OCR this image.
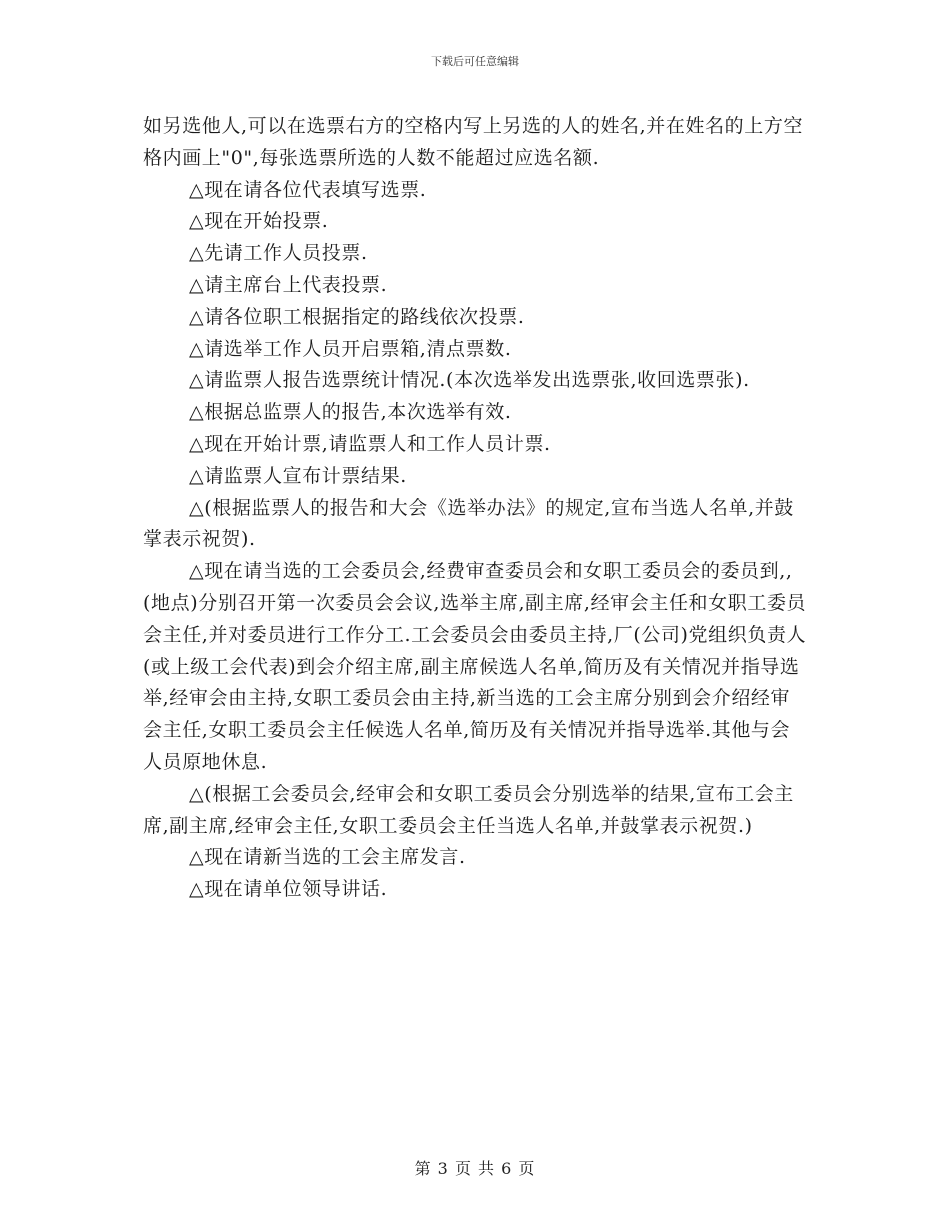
下载后可任意编辑

如另选他人,可以在选票右方的空格内写上另选的人的姓名,并在姓名的上方空格内画上"0",每张选票所选的人数不能超过应选名额.

△现在请各位代表填写选票.

△现在开始投票.

△先请工作人员投票.

△请主席台上代表投票.

△请各位职工根据指定的路线依次投票.

△请选举工作人员开启票箱,清点票数.

△请监票人报告选票统计情况.(本次选举发出选票张,收回选票张).

△根据总监票人的报告,本次选举有效.

△现在开始计票,请监票人和工作人员计票.

△请监票人宣布计票结果.

△(根据监票人的报告和大会《选举办法》的规定,宣布当选人名单,并鼓掌表示祝贺).

△现在请当选的工会委员会,经费审查委员会和女职工委员会的委员到,,(地点)分别召开第一次委员会会议,选举主席,副主席,经审会主任和女职工委员会主任,并对委员进行工作分工.工会委员会由委员主持,厂(公司)党组织负责人(或上级工会代表)到会介绍主席,副主席候选人名单,简历及有关情况并指导选举,经审会由主持,女职工委员会由主持,新当选的工会主席分别到会介绍经审会主任,女职工委员会主任候选人名单,简历及有关情况并指导选举.其他与会人员原地休息.

△(根据工会委员会,经审会和女职工委员会分别选举的结果,宣布工会主席,副主席,经审会主任,女职工委员会主任当选人名单,并鼓掌表示祝贺.)

△现在请新当选的工会主席发言.

△现在请单位领导讲话.

第 3 页 共 6 页
